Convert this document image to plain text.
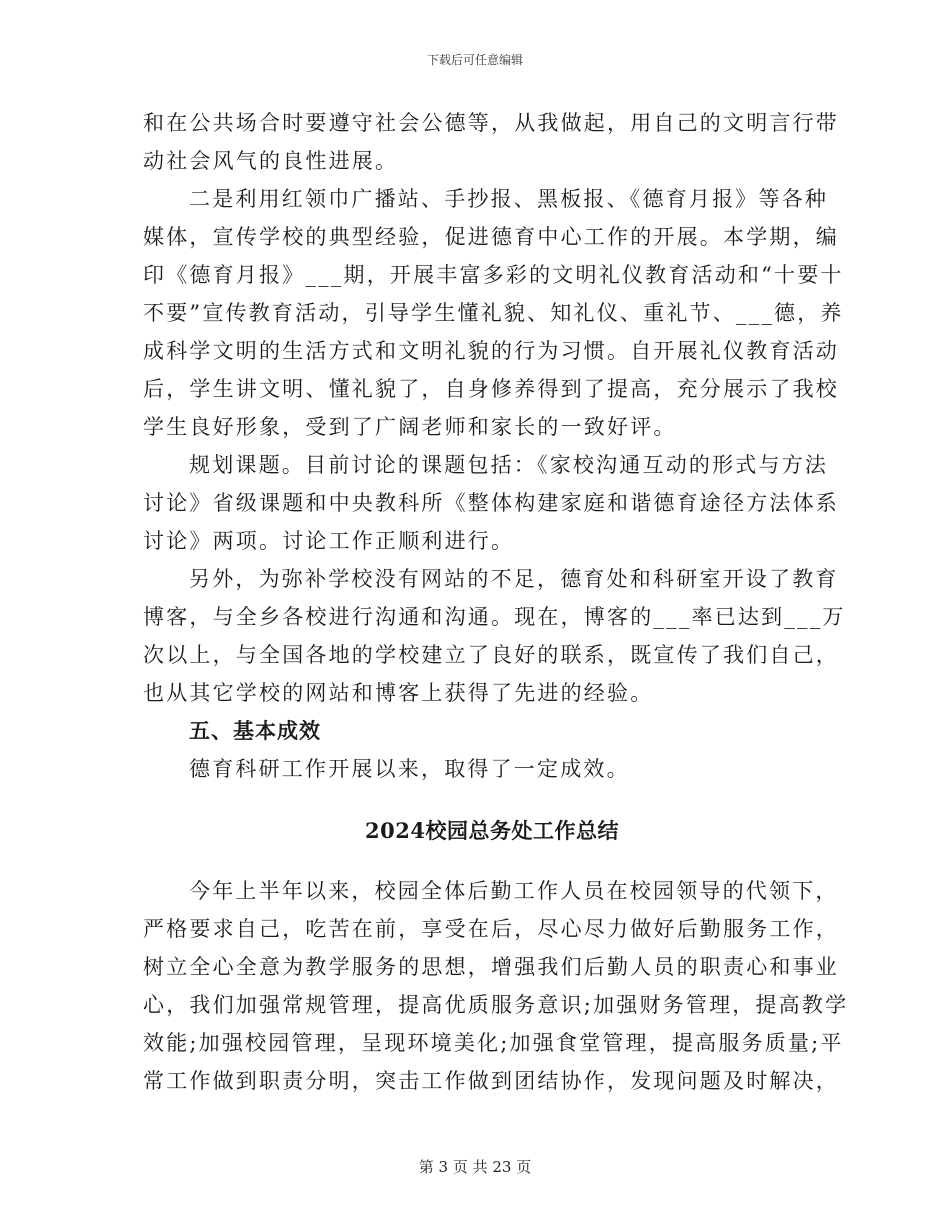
下载后可任意编辑
和在公共场合时要遵守社会公德等，从我做起，用自己的文明言行带
动社会风气的良性进展。
二是利用红领巾广播站、手抄报、黑板报、《德育月报》等各种
媒体，宣传学校的典型经验，促进德育中心工作的开展。本学期，编
印《德育月报》___期，开展丰富多彩的文明礼仪教育活动和“十要十
不要”宣传教育活动，引导学生懂礼貌、知礼仪、重礼节、___德，养
成科学文明的生活方式和文明礼貌的行为习惯。自开展礼仪教育活动
后，学生讲文明、懂礼貌了，自身修养得到了提高，充分展示了我校
学生良好形象，受到了广阔老师和家长的一致好评。
规划课题。目前讨论的课题包括：《家校沟通互动的形式与方法
讨论》省级课题和中央教科所《整体构建家庭和谐德育途径方法体系
讨论》两项。讨论工作正顺利进行。
另外，为弥补学校没有网站的不足，德育处和科研室开设了教育
博客，与全乡各校进行沟通和沟通。现在，博客的___率已达到___万
次以上，与全国各地的学校建立了良好的联系，既宣传了我们自己，
也从其它学校的网站和博客上获得了先进的经验。
五、基本成效
德育科研工作开展以来，取得了一定成效。
2024校园总务处工作总结
今年上半年以来，校园全体后勤工作人员在校园领导的代领下，
严格要求自己，吃苦在前，享受在后，尽心尽力做好后勤服务工作，
树立全心全意为教学服务的思想，增强我们后勤人员的职责心和事业
心，我们加强常规管理，提高优质服务意识;加强财务管理，提高教学
效能;加强校园管理，呈现环境美化;加强食堂管理，提高服务质量;平
常工作做到职责分明，突击工作做到团结协作，发现问题及时解决，
第 3 页 共 23 页
